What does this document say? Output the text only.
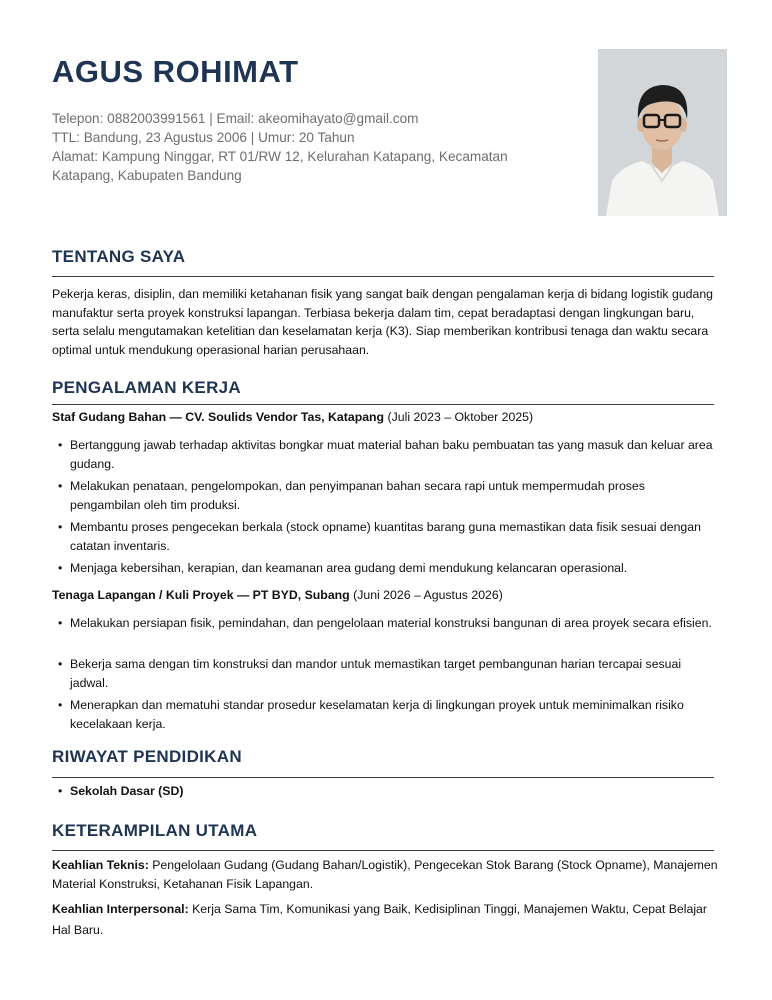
AGUS ROHIMAT
Telepon: 0882003991561 | Email: akeomihayato@gmail.com
TTL: Bandung, 23 Agustus 2006 | Umur: 20 Tahun
Alamat: Kampung Ninggar, RT 01/RW 12, Kelurahan Katapang, Kecamatan
Katapang, Kabupaten Bandung
TENTANG SAYA
Pekerja keras, disiplin, dan memiliki ketahanan fisik yang sangat baik dengan pengalaman kerja di bidang logistik gudang manufaktur serta proyek konstruksi lapangan. Terbiasa bekerja dalam tim, cepat beradaptasi dengan lingkungan baru, serta selalu mengutamakan ketelitian dan keselamatan kerja (K3). Siap memberikan kontribusi tenaga dan waktu secara optimal untuk mendukung operasional harian perusahaan.
PENGALAMAN KERJA
Staf Gudang Bahan — CV. Soulids Vendor Tas, Katapang (Juli 2023 – Oktober 2025)
• Bertanggung jawab terhadap aktivitas bongkar muat material bahan baku pembuatan tas yang masuk dan keluar area gudang.
• Melakukan penataan, pengelompokan, dan penyimpanan bahan secara rapi untuk mempermudah proses pengambilan oleh tim produksi.
• Membantu proses pengecekan berkala (stock opname) kuantitas barang guna memastikan data fisik sesuai dengan catatan inventaris.
• Menjaga kebersihan, kerapian, dan keamanan area gudang demi mendukung kelancaran operasional.
Tenaga Lapangan / Kuli Proyek — PT BYD, Subang (Juni 2026 – Agustus 2026)
• Melakukan persiapan fisik, pemindahan, dan pengelolaan material konstruksi bangunan di area proyek secara efisien.
• Bekerja sama dengan tim konstruksi dan mandor untuk memastikan target pembangunan harian tercapai sesuai jadwal.
• Menerapkan dan mematuhi standar prosedur keselamatan kerja di lingkungan proyek untuk meminimalkan risiko kecelakaan kerja.
RIWAYAT PENDIDIKAN
• Sekolah Dasar (SD)
KETERAMPILAN UTAMA
Keahlian Teknis: Pengelolaan Gudang (Gudang Bahan/Logistik), Pengecekan Stok Barang (Stock Opname), Manajemen Material Konstruksi, Ketahanan Fisik Lapangan.
Keahlian Interpersonal: Kerja Sama Tim, Komunikasi yang Baik, Kedisiplinan Tinggi, Manajemen Waktu, Cepat Belajar Hal Baru.
